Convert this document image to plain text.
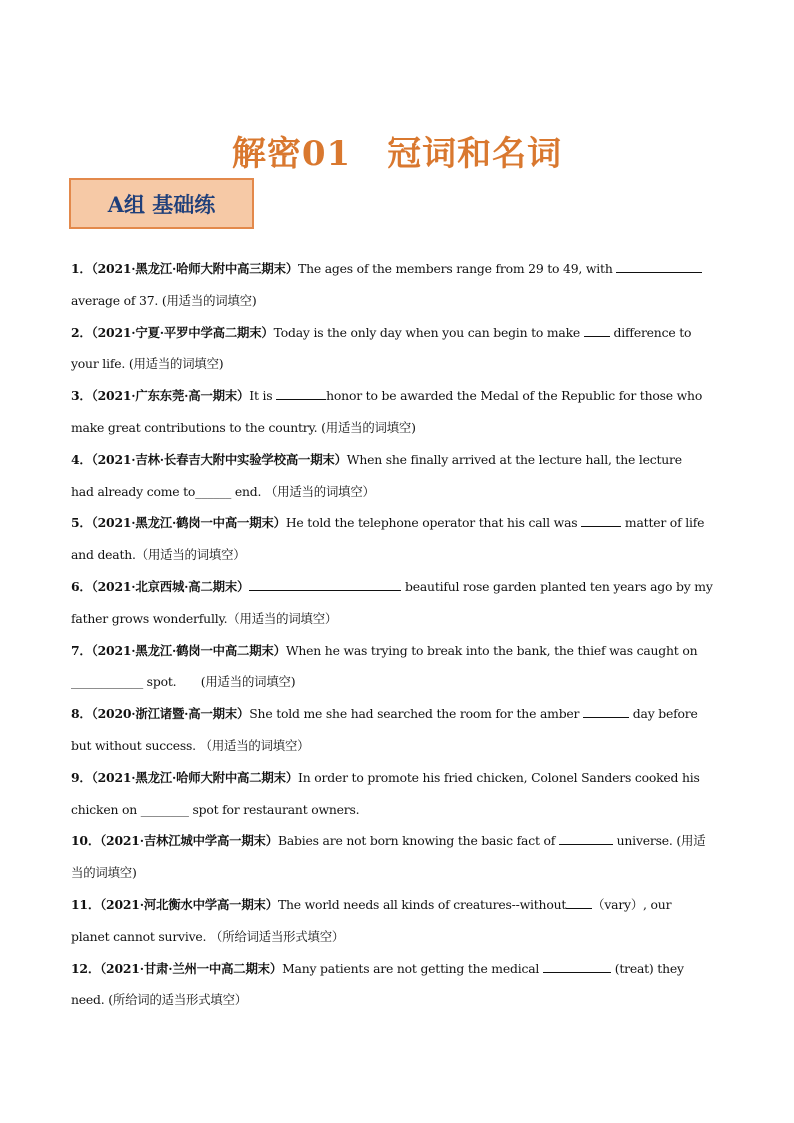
解密01 冠词和名词
A组 基础练
1．（2021·黑龙江·哈师大附中高三期末）The ages of the members range from 29 to 49, with
average of 37. (用适当的词填空)
2．（2021·宁夏·平罗中学高二期末）Today is the only day when you can begin to make	difference to
your life. (用适当的词填空)
3．（2021·广东东莞·高一期末）It is	honor to be awarded the Medal of the Republic for those who
make great contributions to the country. (用适当的词填空)
4．（2021·吉林·长春吉大附中实验学校高一期末）When she finally arrived at the lecture hall, the lecture
had already come to______ end. （用适当的词填空）
5．（2021·黑龙江·鹤岗一中高一期末）He told the telephone operator that his call was	matter of life
and death.（用适当的词填空）
6．（2021·北京西城·高二期末）	beautiful rose garden planted ten years ago by my
father grows wonderfully.（用适当的词填空）
7．（2021·黑龙江·鹤岗一中高二期末）When he was trying to break into the bank, the thief was caught on
____________ spot.　　(用适当的词填空)
8．（2020·浙江诸暨·高一期末）She told me she had searched the room for the amber	day before
but without success. （用适当的词填空）
9．（2021·黑龙江·哈师大附中高二期末）In order to promote his fried chicken, Colonel Sanders cooked his
chicken on ________ spot for restaurant owners.
10．（2021·吉林江城中学高一期末）Babies are not born knowing the basic fact of	universe. (用适
当的词填空)
11．（2021·河北衡水中学高一期末）The world needs all kinds of creatures--without （vary）, our
planet cannot survive. （所给词适当形式填空）
12．（2021·甘肃·兰州一中高二期末）Many patients are not getting the medical	(treat) they
need. (所给词的适当形式填空）
